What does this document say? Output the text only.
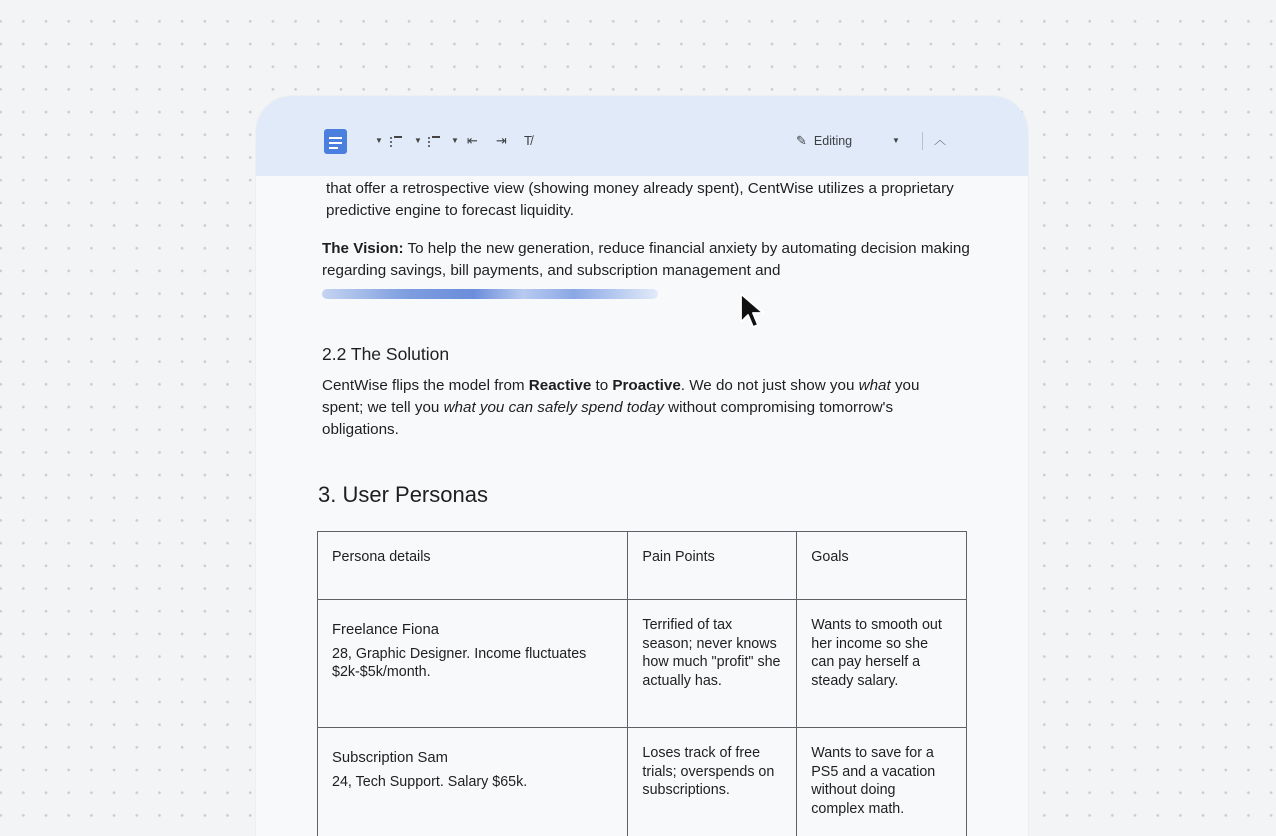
▼	▼	▼ ⇤ ⇥ T̸	✎ Editing	▼	︿

that offer a retrospective view (showing money already spent), CentWise utilizes a proprietary predictive engine to forecast liquidity.

The Vision: To help the new generation, reduce financial anxiety by automating decision making regarding savings, bill payments, and subscription management and

2.2 The Solution

CentWise flips the model from Reactive to Proactive. We do not just show you what you spent; we tell you what you can safely spend today without compromising tomorrow's obligations.

3. User Personas
Persona details	Pain Points	Goals

Freelance Fiona
28, Graphic Designer. Income fluctuates $2k-$5k/month.	Terrified of tax season; never knows how much "profit" she actually has.	Wants to smooth out her income so she can pay herself a steady salary.

Subscription Sam
24, Tech Support. Salary $65k.	Loses track of free trials; overspends on subscriptions.	Wants to save for a PS5 and a vacation without doing complex math.
